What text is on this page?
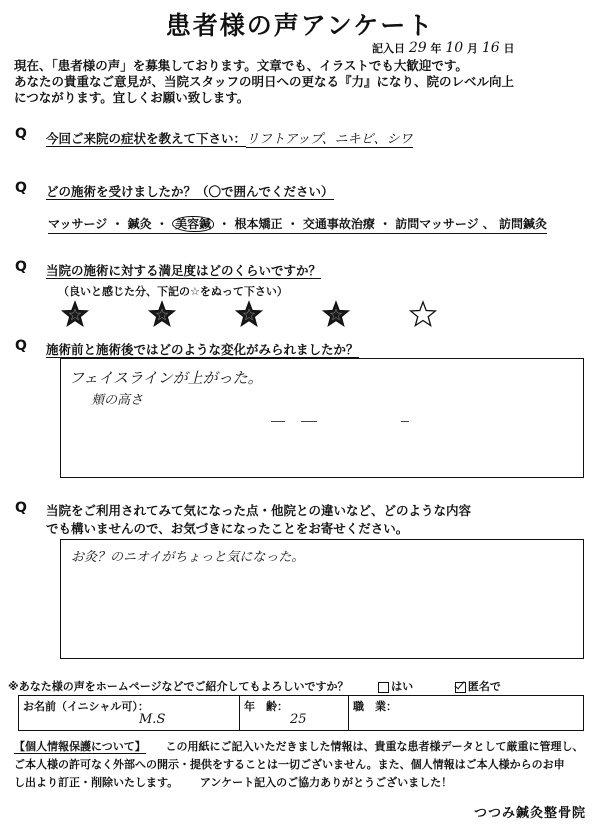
患者様の声アンケート
記入日 29 年 10 月 16 日
現在、「患者様の声」を募集しております。文章でも、イラストでも大歓迎です。
あなたの貴重なご意見が、当院スタッフの明日への更なる『力』になり、院のレベル向上
につながります。宜しくお願い致します。
Q 今回ご来院の症状を教えて下さい：リフトアップ、ニキビ、シワ
Q どの施術を受けましたか？（〇で囲んでください）
マッサージ ・ 鍼灸 ・ 美容鍼 ・ 根本矯正 ・ 交通事故治療 ・ 訪問マッサージ 、 訪問鍼灸
Q 当院の施術に対する満足度はどのくらいですか？
（良いと感じた分、下記の☆をぬって下さい）
Q 施術前と施術後ではどのような変化がみられましたか？
フェイスラインが上がった。
頬の高さ
Q 当院をご利用されてみて気になった点・他院との違いなど、どのような内容
でも構いませんので、お気づきになったことをお寄せください。
お灸？のニオイがちょっと気になった。
※あなた様の声をホームページなどでご紹介してもよろしいですか？	はい	匿名で
お名前（イニシャル可）：
M.S
	年　齢：
25
	職　業：
【個人情報保護について】 この用紙にご記入いただきました情報は、貴重な患者様データとして厳重に管理し、
ご本人様の許可なく外部への開示・提供をすることは一切ございません。また、個人情報はご本人様からのお申
し出より訂正・削除いたします。 アンケート記入のご協力ありがとうございました！
つつみ鍼灸整骨院
